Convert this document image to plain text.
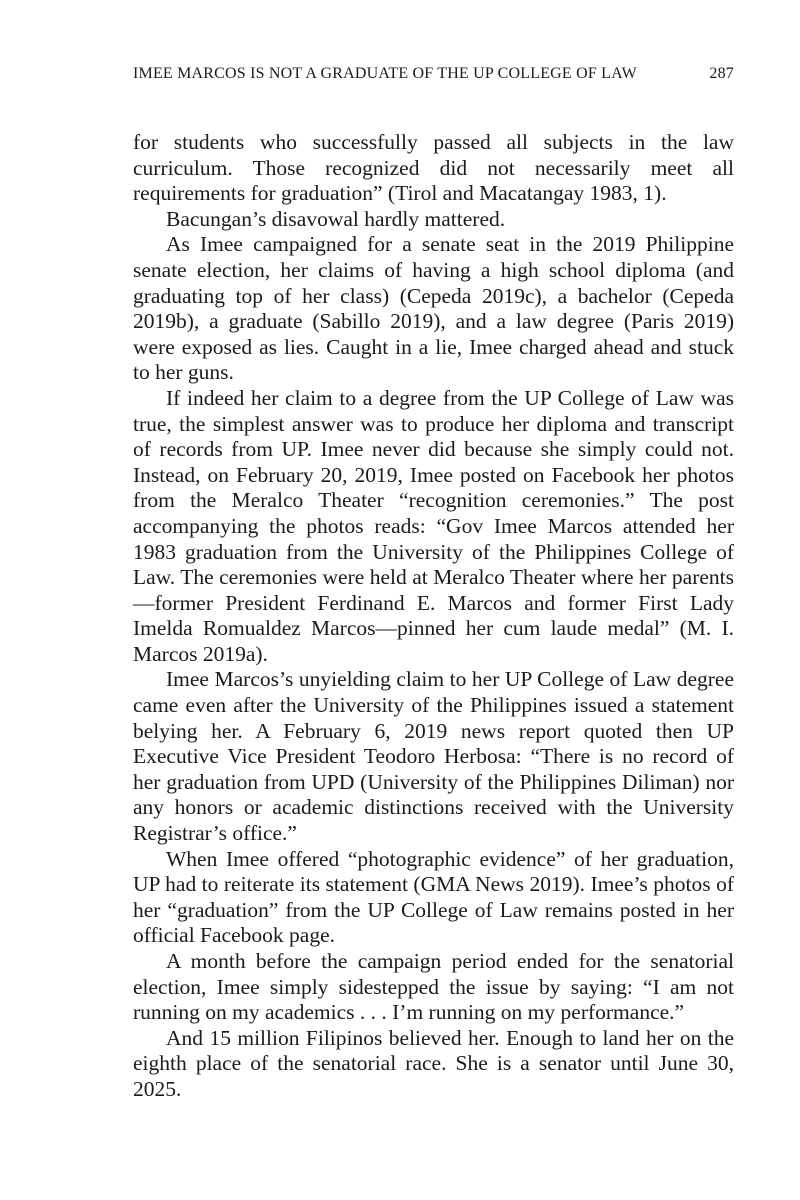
IMEE MARCOS IS NOT A GRADUATE OF THE UP COLLEGE OF LAW	287

for students who successfully passed all subjects in the law curriculum. Those recognized did not necessarily meet all requirements for graduation” (Tirol and Macatangay 1983, 1).

Bacungan’s disavowal hardly mattered.

As Imee campaigned for a senate seat in the 2019 Philippine senate election, her claims of having a high school diploma (and graduating top of her class) (Cepeda 2019c), a bachelor (Cepeda 2019b), a graduate (Sabillo 2019), and a law degree (Paris 2019) were exposed as lies. Caught in a lie, Imee charged ahead and stuck to her guns.

If indeed her claim to a degree from the UP College of Law was true, the simplest answer was to produce her diploma and transcript of records from UP. Imee never did because she simply could not. Instead, on February 20, 2019, Imee posted on Facebook her photos from the Meralco Theater “recognition ceremonies.” The post accompanying the photos reads: “Gov Imee Marcos attended her 1983 graduation from the University of the Philippines College of Law. The ceremonies were held at Meralco Theater where her parents—former President Ferdinand E. Marcos and former First Lady Imelda Romualdez Marcos—pinned her cum laude medal” (M. I. Marcos 2019a).

Imee Marcos’s unyielding claim to her UP College of Law degree came even after the University of the Philippines issued a statement belying her. A February 6, 2019 news report quoted then UP Executive Vice President Teodoro Herbosa: “There is no record of her graduation from UPD (University of the Philippines Diliman) nor any honors or academic distinctions received with the University Registrar’s office.”

When Imee offered “photographic evidence” of her graduation, UP had to reiterate its statement (GMA News 2019). Imee’s photos of her “graduation” from the UP College of Law remains posted in her official Facebook page.

A month before the campaign period ended for the senatorial election, Imee simply sidestepped the issue by saying: “I am not running on my academics . . . I’m running on my performance.”

And 15 million Filipinos believed her. Enough to land her on the eighth place of the senatorial race. She is a senator until June 30, 2025.
